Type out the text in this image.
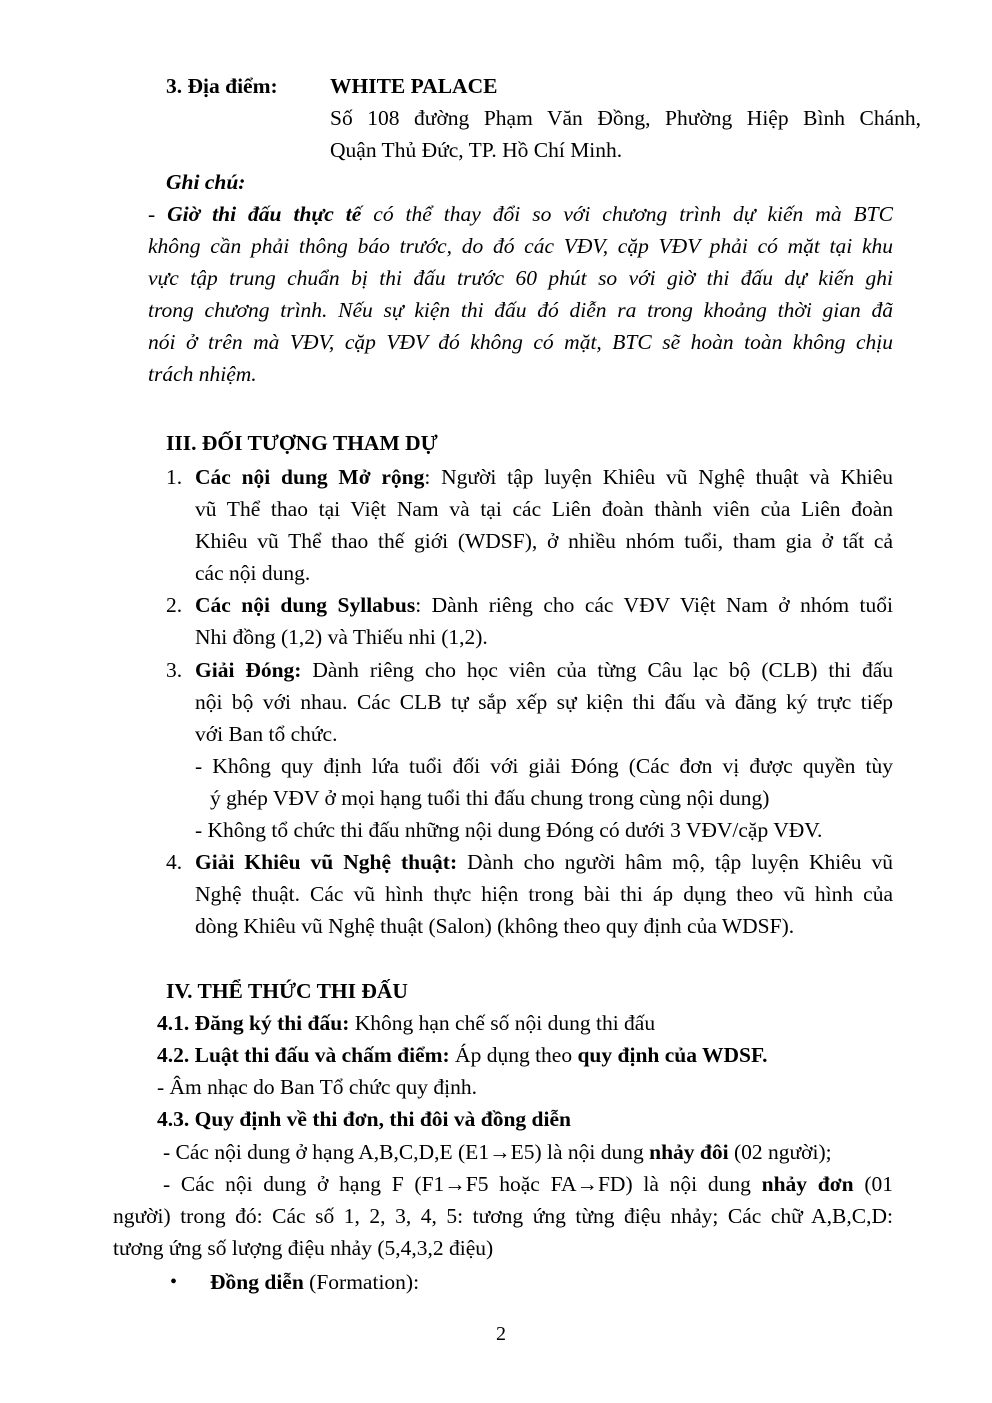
3. Địa điểm: WHITE PALACE
Số 108 đường Phạm Văn Đồng, Phường Hiệp Bình Chánh,
Quận Thủ Đức, TP. Hồ Chí Minh.
Ghi chú:
- Giờ thi đấu thực tế có thể thay đổi so với chương trình dự kiến mà BTC
không cần phải thông báo trước, do đó các VĐV, cặp VĐV phải có mặt tại khu
vực tập trung chuẩn bị thi đấu trước 60 phút so với giờ thi đấu dự kiến ghi
trong chương trình. Nếu sự kiện thi đấu đó diễn ra trong khoảng thời gian đã
nói ở trên mà VĐV, cặp VĐV đó không có mặt, BTC sẽ hoàn toàn không chịu
trách nhiệm.
III. ĐỐI TƯỢNG THAM DỰ
1. Các nội dung Mở rộng: Người tập luyện Khiêu vũ Nghệ thuật và Khiêu
vũ Thể thao tại Việt Nam và tại các Liên đoàn thành viên của Liên đoàn
Khiêu vũ Thể thao thế giới (WDSF), ở nhiều nhóm tuổi, tham gia ở tất cả
các nội dung.
2. Các nội dung Syllabus: Dành riêng cho các VĐV Việt Nam ở nhóm tuổi
Nhi đồng (1,2) và Thiếu nhi (1,2).
3. Giải Đóng: Dành riêng cho học viên của từng Câu lạc bộ (CLB) thi đấu
nội bộ với nhau. Các CLB tự sắp xếp sự kiện thi đấu và đăng ký trực tiếp
với Ban tổ chức.
- Không quy định lứa tuổi đối với giải Đóng (Các đơn vị được quyền tùy
ý ghép VĐV ở mọi hạng tuổi thi đấu chung trong cùng nội dung)
- Không tổ chức thi đấu những nội dung Đóng có dưới 3 VĐV/cặp VĐV.
4. Giải Khiêu vũ Nghệ thuật: Dành cho người hâm mộ, tập luyện Khiêu vũ
Nghệ thuật. Các vũ hình thực hiện trong bài thi áp dụng theo vũ hình của
dòng Khiêu vũ Nghệ thuật (Salon) (không theo quy định của WDSF).
IV. THỂ THỨC THI ĐẤU
4.1. Đăng ký thi đấu: Không hạn chế số nội dung thi đấu
4.2. Luật thi đấu và chấm điểm: Áp dụng theo quy định của WDSF.
- Âm nhạc do Ban Tổ chức quy định.
4.3. Quy định về thi đơn, thi đôi và đồng diễn
- Các nội dung ở hạng A,B,C,D,E (E1→E5) là nội dung nhảy đôi (02 người);
- Các nội dung ở hạng F (F1→F5 hoặc FA→FD) là nội dung nhảy đơn (01
người) trong đó: Các số 1, 2, 3, 4, 5: tương ứng từng điệu nhảy; Các chữ A,B,C,D:
tương ứng số lượng điệu nhảy (5,4,3,2 điệu)
• Đồng diễn (Formation):
2
